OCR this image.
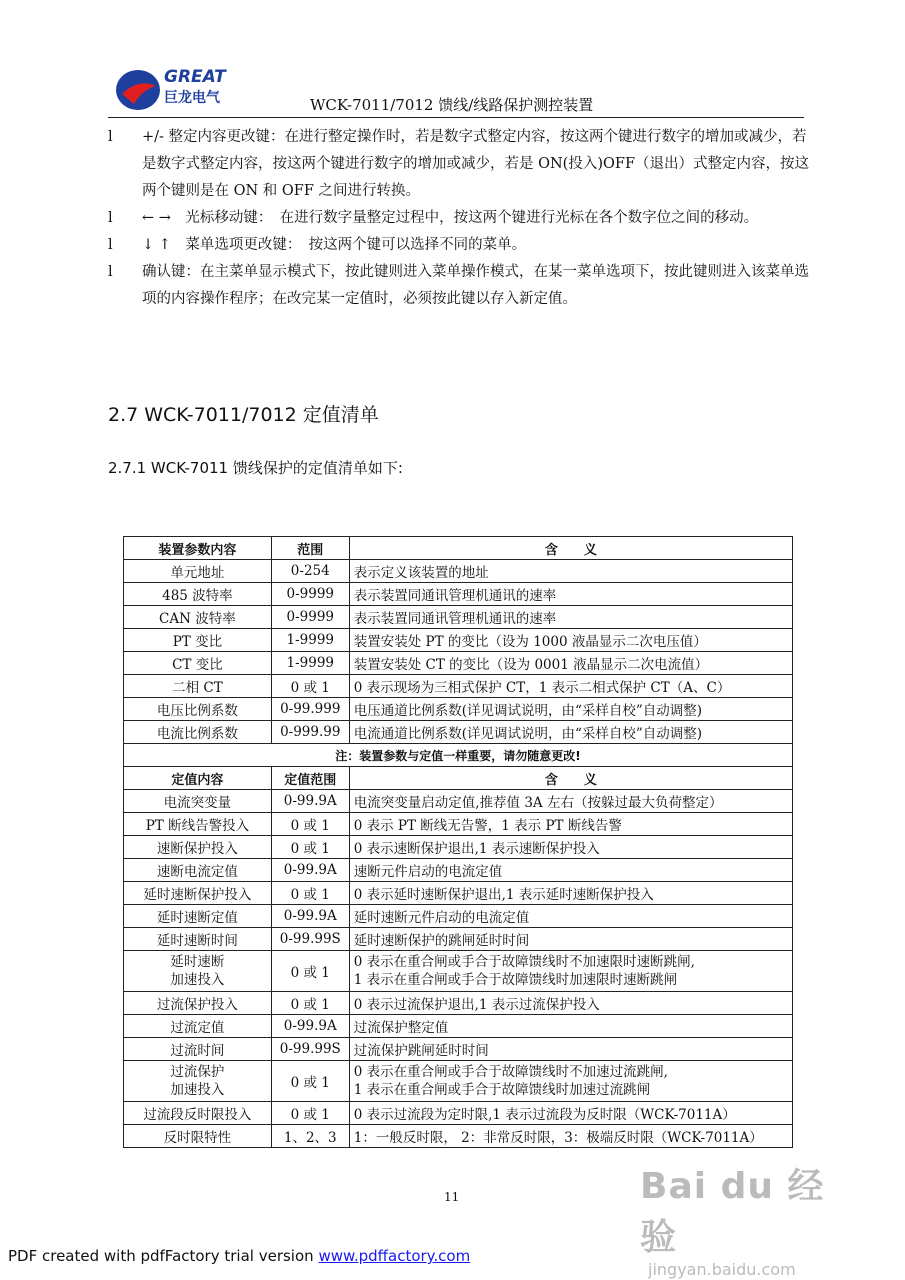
GREAT
巨龙电气	WCK-7011/7012 馈线/线路保护测控装置
l +/- 整定内容更改键：在进行整定操作时，若是数字式整定内容，按这两个键进行数字的增加或减少，若是数字式整定内容，按这两个键进行数字的增加或减少，若是 ON(投入)OFF（退出）式整定内容，按这两个键则是在 ON 和 OFF 之间进行转换。
l ← →　光标移动键：　在进行数字量整定过程中，按这两个键进行光标在各个数字位之间的移动。
l ↓ ↑　菜单选项更改键：　按这两个键可以选择不同的菜单。
l 确认键：在主菜单显示模式下，按此键则进入菜单操作模式，在某一菜单选项下，按此键则进入该菜单选项的内容操作程序；在改完某一定值时，必须按此键以存入新定值。
2.7 WCK-7011/7012 定值清单
2.7.1 WCK-7011 馈线保护的定值清单如下:
装置参数内容	范围	含　　义
单元地址	0-254	表示定义该装置的地址
485 波特率	0-9999	表示装置同通讯管理机通讯的速率
CAN 波特率	0-9999	表示装置同通讯管理机通讯的速率
PT 变比	1-9999	装置安装处 PT 的变比（设为 1000 液晶显示二次电压值）
CT 变比	1-9999	装置安装处 CT 的变比（设为 0001 液晶显示二次电流值）
二相 CT	0 或 1	0 表示现场为三相式保护 CT，1 表示二相式保护 CT（A、C）
电压比例系数	0-99.999	电压通道比例系数(详见调试说明，由“采样自校”自动调整)
电流比例系数	0-999.99	电流通道比例系数(详见调试说明，由“采样自校”自动调整)
注：装置参数与定值一样重要，请勿随意更改!		
定值内容	定值范围	含　　义
电流突变量	0-99.9A	电流突变量启动定值,推荐值 3A 左右（按躲过最大负荷整定）
PT 断线告警投入	0 或 1	0 表示 PT 断线无告警，1 表示 PT 断线告警
速断保护投入	0 或 1	0 表示速断保护退出,1 表示速断保护投入
速断电流定值	0-99.9A	速断元件启动的电流定值
延时速断保护投入	0 或 1	0 表示延时速断保护退出,1 表示延时速断保护投入
延时速断定值	0-99.9A	延时速断元件启动的电流定值
延时速断时间	0-99.99S	延时速断保护的跳闸延时时间
延时速断
加速投入	0 或 1	0 表示在重合闸或手合于故障馈线时不加速限时速断跳闸,
1 表示在重合闸或手合于故障馈线时加速限时速断跳闸
过流保护投入	0 或 1	0 表示过流保护退出,1 表示过流保护投入
过流定值	0-99.9A	过流保护整定值
过流时间	0-99.99S	过流保护跳闸延时时间
过流保护
加速投入	0 或 1	0 表示在重合闸或手合于故障馈线时不加速过流跳闸,
1 表示在重合闸或手合于故障馈线时加速过流跳闸
过流段反时限投入	0 或 1	0 表示过流段为定时限,1 表示过流段为反时限（WCK-7011A）
反时限特性	1、2、3	1：一般反时限， 2：非常反时限，3：极端反时限（WCK-7011A）
11	Bai du 经验
jingyan.baidu.com
PDF created with pdfFactory trial version www.pdffactory.com
